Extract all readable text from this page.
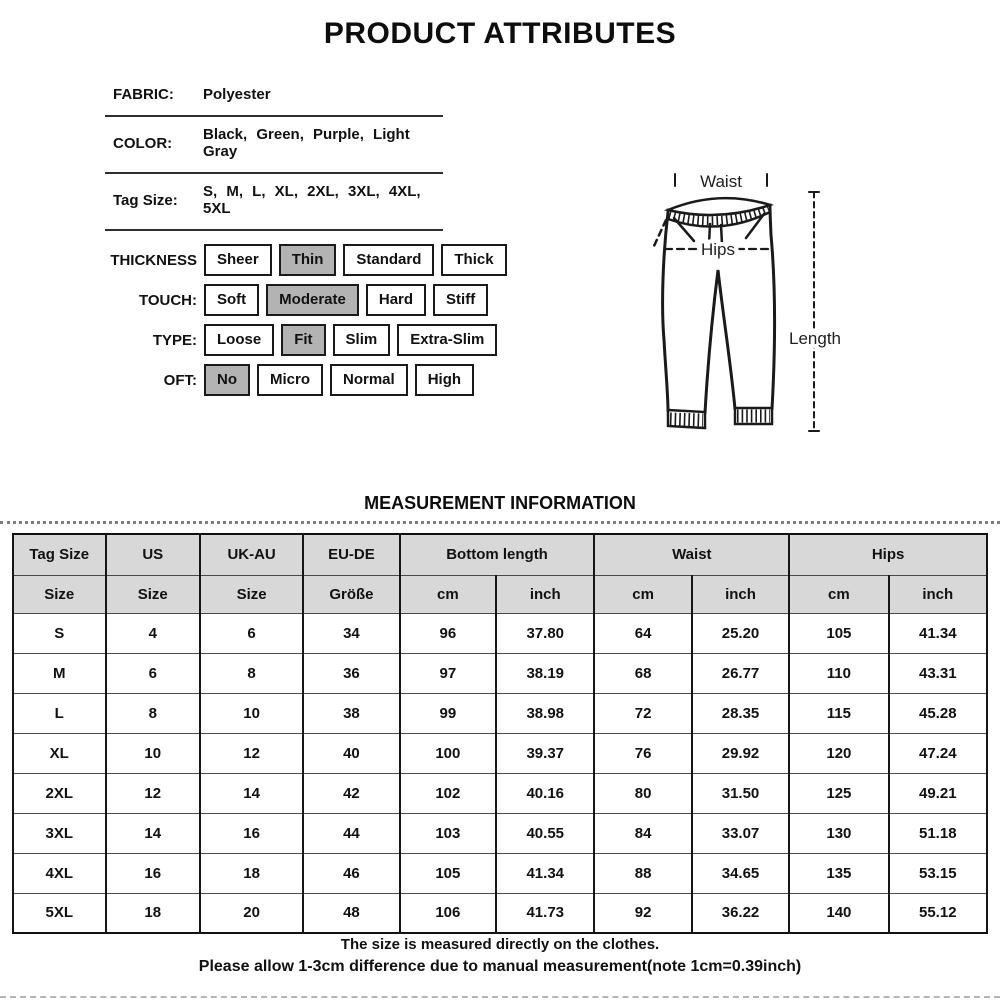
PRODUCT ATTRIBUTES
FABRIC:	Polyester
COLOR:	Black, Green, Purple, Light Gray
Tag Size:	S, M, L, XL, 2XL, 3XL, 4XL, 5XL
THICKNESS	Sheer	Thin	Standard	Thick
TOUCH:	Soft	Moderate	Hard	Stiff
TYPE:	Loose	Fit	Slim	Extra-Slim
OFT:	No	Micro	Normal	High
Waist
Hips
Length
MEASUREMENT INFORMATION
Tag Size	US	UK-AU	EU-DE	Bottom length		Waist		Hips	
Size	Size	Size	Größe	cm	inch	cm	inch	cm	inch
S	4	6	34	96	37.80	64	25.20	105	41.34
M	6	8	36	97	38.19	68	26.77	110	43.31
L	8	10	38	99	38.98	72	28.35	115	45.28
XL	10	12	40	100	39.37	76	29.92	120	47.24
2XL	12	14	42	102	40.16	80	31.50	125	49.21
3XL	14	16	44	103	40.55	84	33.07	130	51.18
4XL	16	18	46	105	41.34	88	34.65	135	53.15
5XL	18	20	48	106	41.73	92	36.22	140	55.12
The size is measured directly on the clothes.
Please allow 1-3cm difference due to manual measurement(note 1cm=0.39inch)
